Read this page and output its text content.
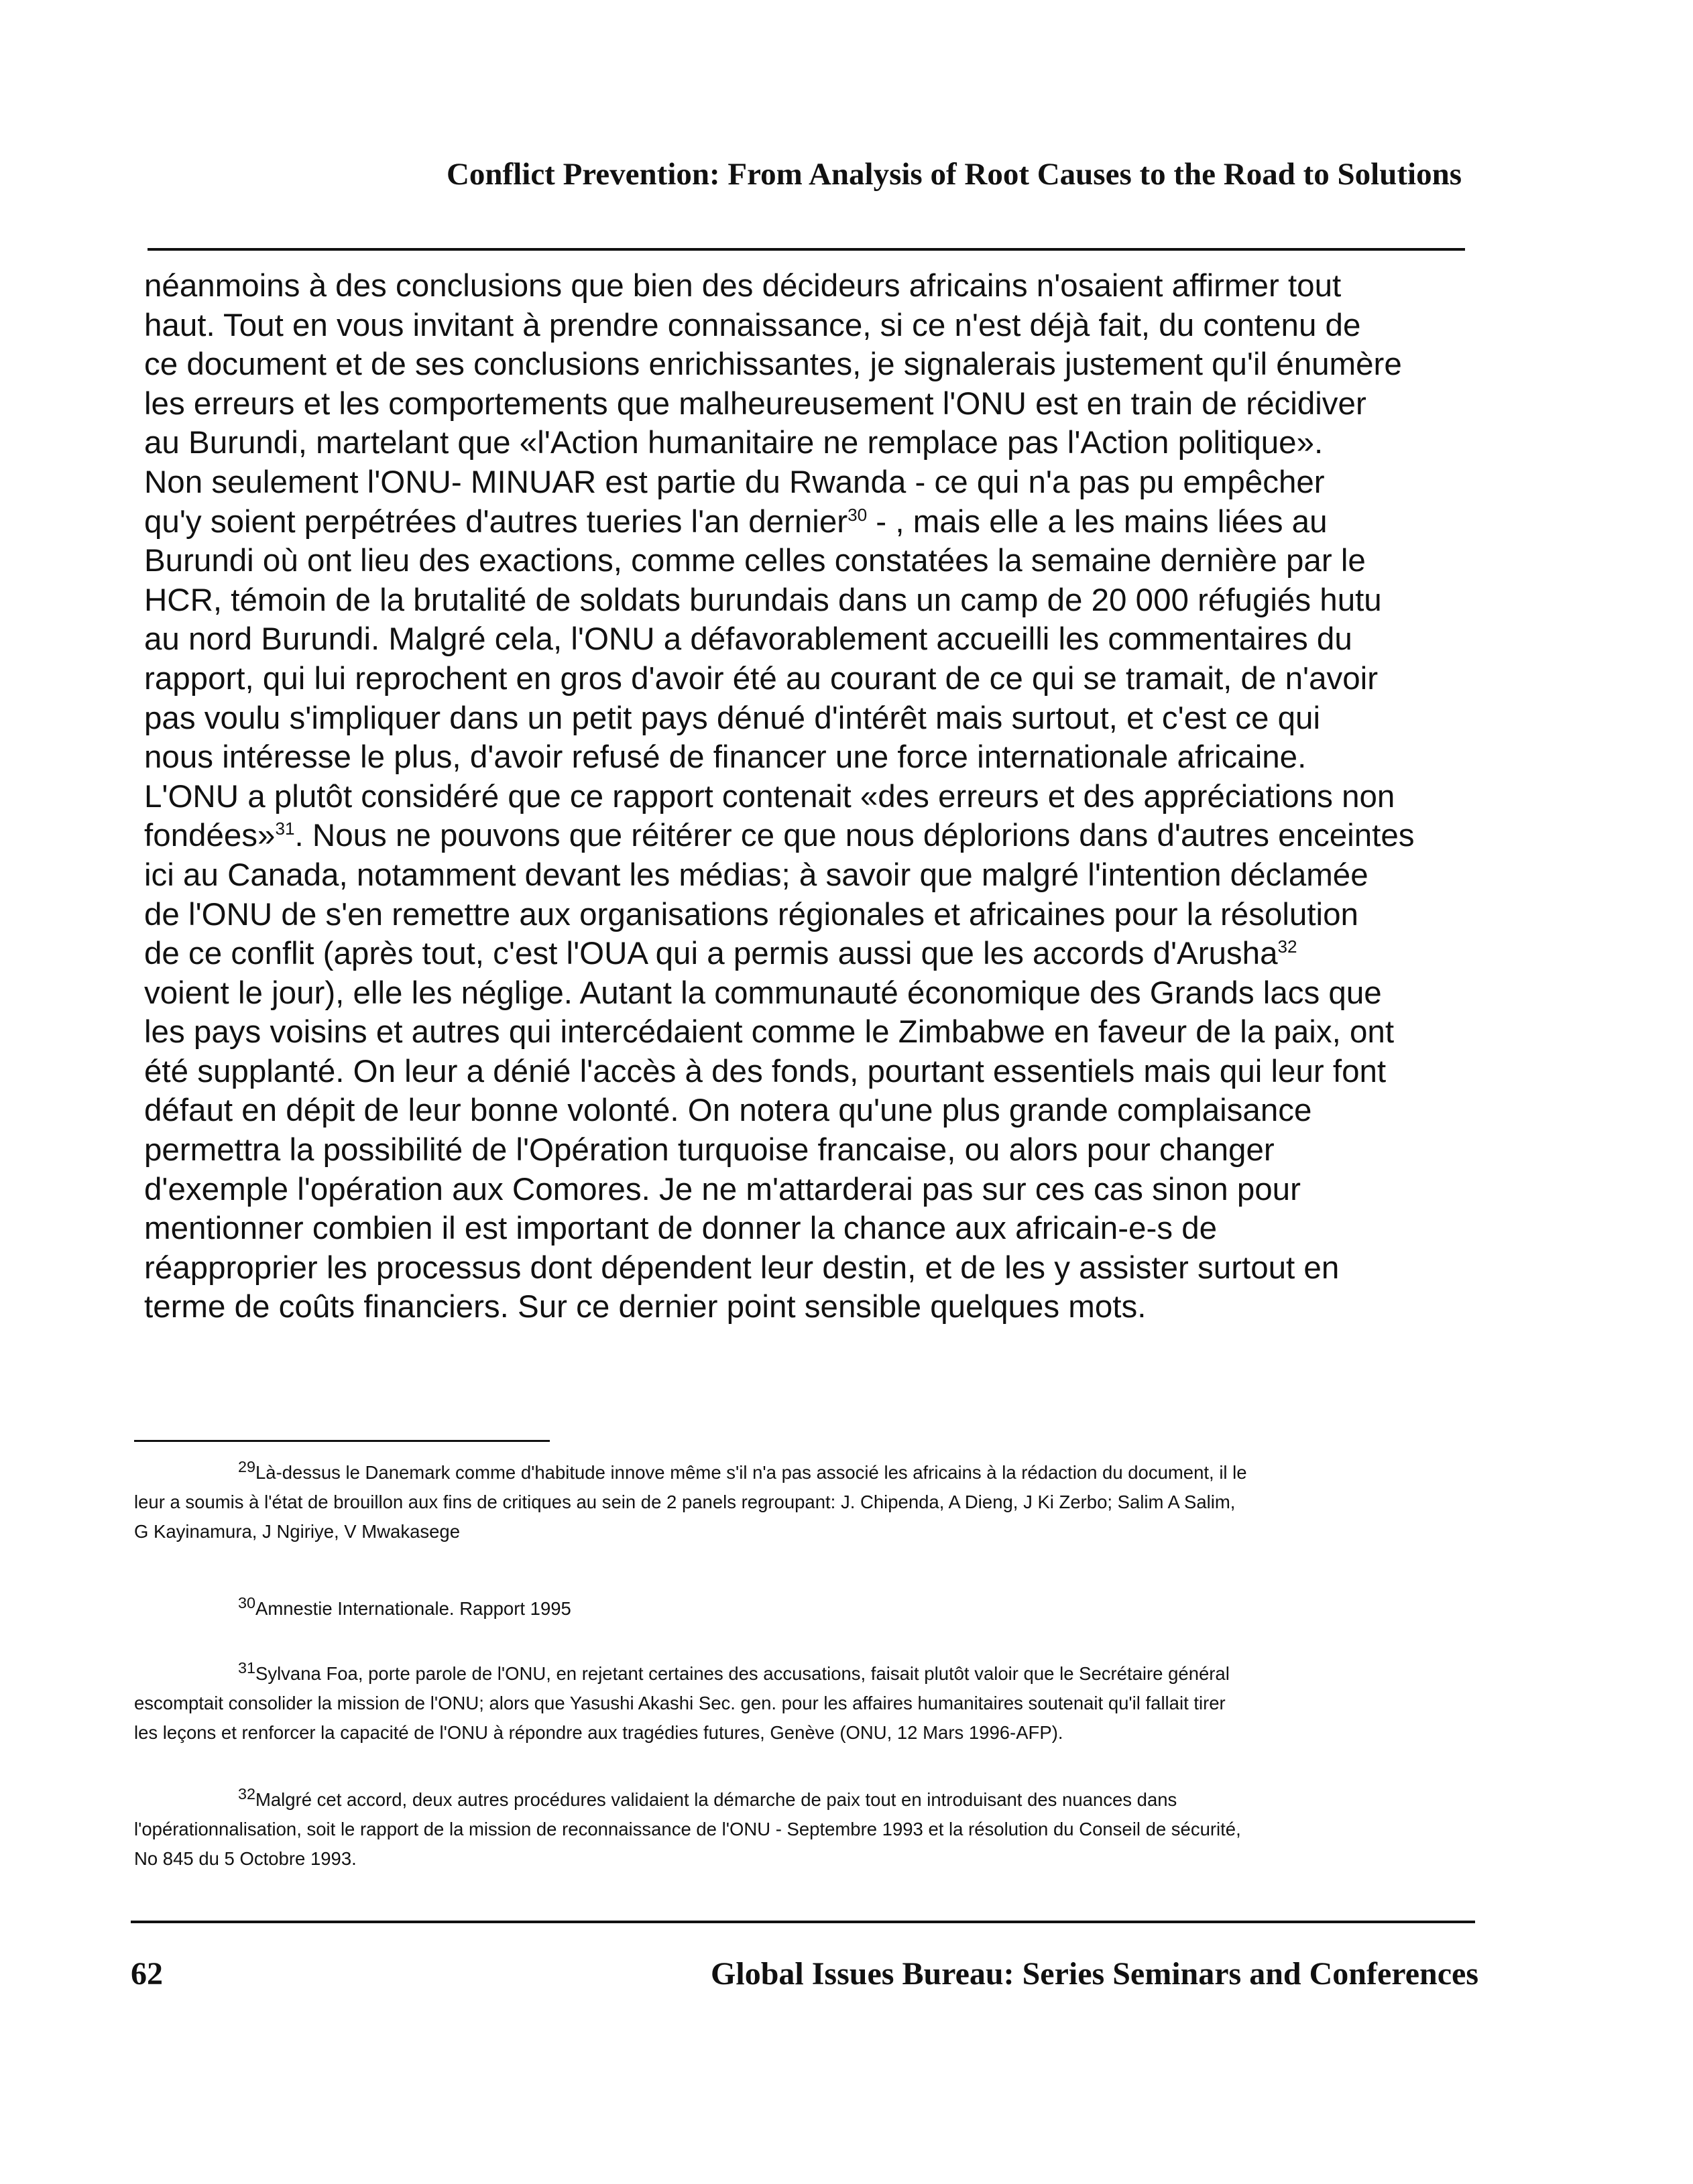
Conflict Prevention: From Analysis of Root Causes to the Road to Solutions
néanmoins à des conclusions que bien des décideurs africains n'osaient affirmer tout
haut. Tout en vous invitant à prendre connaissance, si ce n'est déjà fait, du contenu de
ce document et de ses conclusions enrichissantes, je signalerais justement qu'il énumère
les erreurs et les comportements que malheureusement l'ONU est en train de récidiver
au Burundi, martelant que «l'Action humanitaire ne remplace pas l'Action politique».
Non seulement l'ONU- MINUAR est partie du Rwanda - ce qui n'a pas pu empêcher
qu'y soient perpétrées d'autres tueries l'an dernier$^{30}$ - , mais elle a les mains liées au
Burundi où ont lieu des exactions, comme celles constatées la semaine dernière par le
HCR, témoin de la brutalité de soldats burundais dans un camp de 20 000 réfugiés hutu
au nord Burundi. Malgré cela, l'ONU a défavorablement accueilli les commentaires du
rapport, qui lui reprochent en gros d'avoir été au courant de ce qui se tramait, de n'avoir
pas voulu s'impliquer dans un petit pays dénué d'intérêt mais surtout, et c'est ce qui
nous intéresse le plus, d'avoir refusé de financer une force internationale africaine.
L'ONU a plutôt considéré que ce rapport contenait «des erreurs et des appréciations non
fondées»$^{31}$. Nous ne pouvons que réitérer ce que nous déplorions dans d'autres enceintes
ici au Canada, notamment devant les médias; à savoir que malgré l'intention déclamée
de l'ONU de s'en remettre aux organisations régionales et africaines pour la résolution
de ce conflit (après tout, c'est l'OUA qui a permis aussi que les accords d'Arusha$^{32}$
voient le jour), elle les néglige. Autant la communauté économique des Grands lacs que
les pays voisins et autres qui intercédaient comme le Zimbabwe en faveur de la paix, ont
été supplanté. On leur a dénié l'accès à des fonds, pourtant essentiels mais qui leur font
défaut en dépit de leur bonne volonté. On notera qu'une plus grande complaisance
permettra la possibilité de l'Opération turquoise francaise, ou alors pour changer
d'exemple l'opération aux Comores. Je ne m'attarderai pas sur ces cas sinon pour
mentionner combien il est important de donner la chance aux africain-e-s de
réapproprier les processus dont dépendent leur destin, et de les y assister surtout en
terme de coûts financiers. Sur ce dernier point sensible quelques mots.
$^{29}$Là-dessus le Danemark comme d'habitude innove même s'il n'a pas associé les africains à la rédaction du document, il le
leur a soumis à l'état de brouillon aux fins de critiques au sein de 2 panels regroupant: J. Chipenda, A Dieng, J Ki Zerbo; Salim A Salim,
G Kayinamura, J Ngiriye, V Mwakasege
$^{30}$Amnestie Internationale. Rapport 1995
$^{31}$Sylvana Foa, porte parole de l'ONU, en rejetant certaines des accusations, faisait plutôt valoir que le Secrétaire général
escomptait consolider la mission de l'ONU; alors que Yasushi Akashi Sec. gen. pour les affaires humanitaires soutenait qu'il fallait tirer
les leçons et renforcer la capacité de l'ONU à répondre aux tragédies futures, Genève (ONU, 12 Mars 1996-AFP).
$^{32}$Malgré cet accord, deux autres procédures validaient la démarche de paix tout en introduisant des nuances dans
l'opérationnalisation, soit le rapport de la mission de reconnaissance de l'ONU - Septembre 1993 et la résolution du Conseil de sécurité,
No 845 du 5 Octobre 1993.
62	Global Issues Bureau: Series Seminars and Conferences
